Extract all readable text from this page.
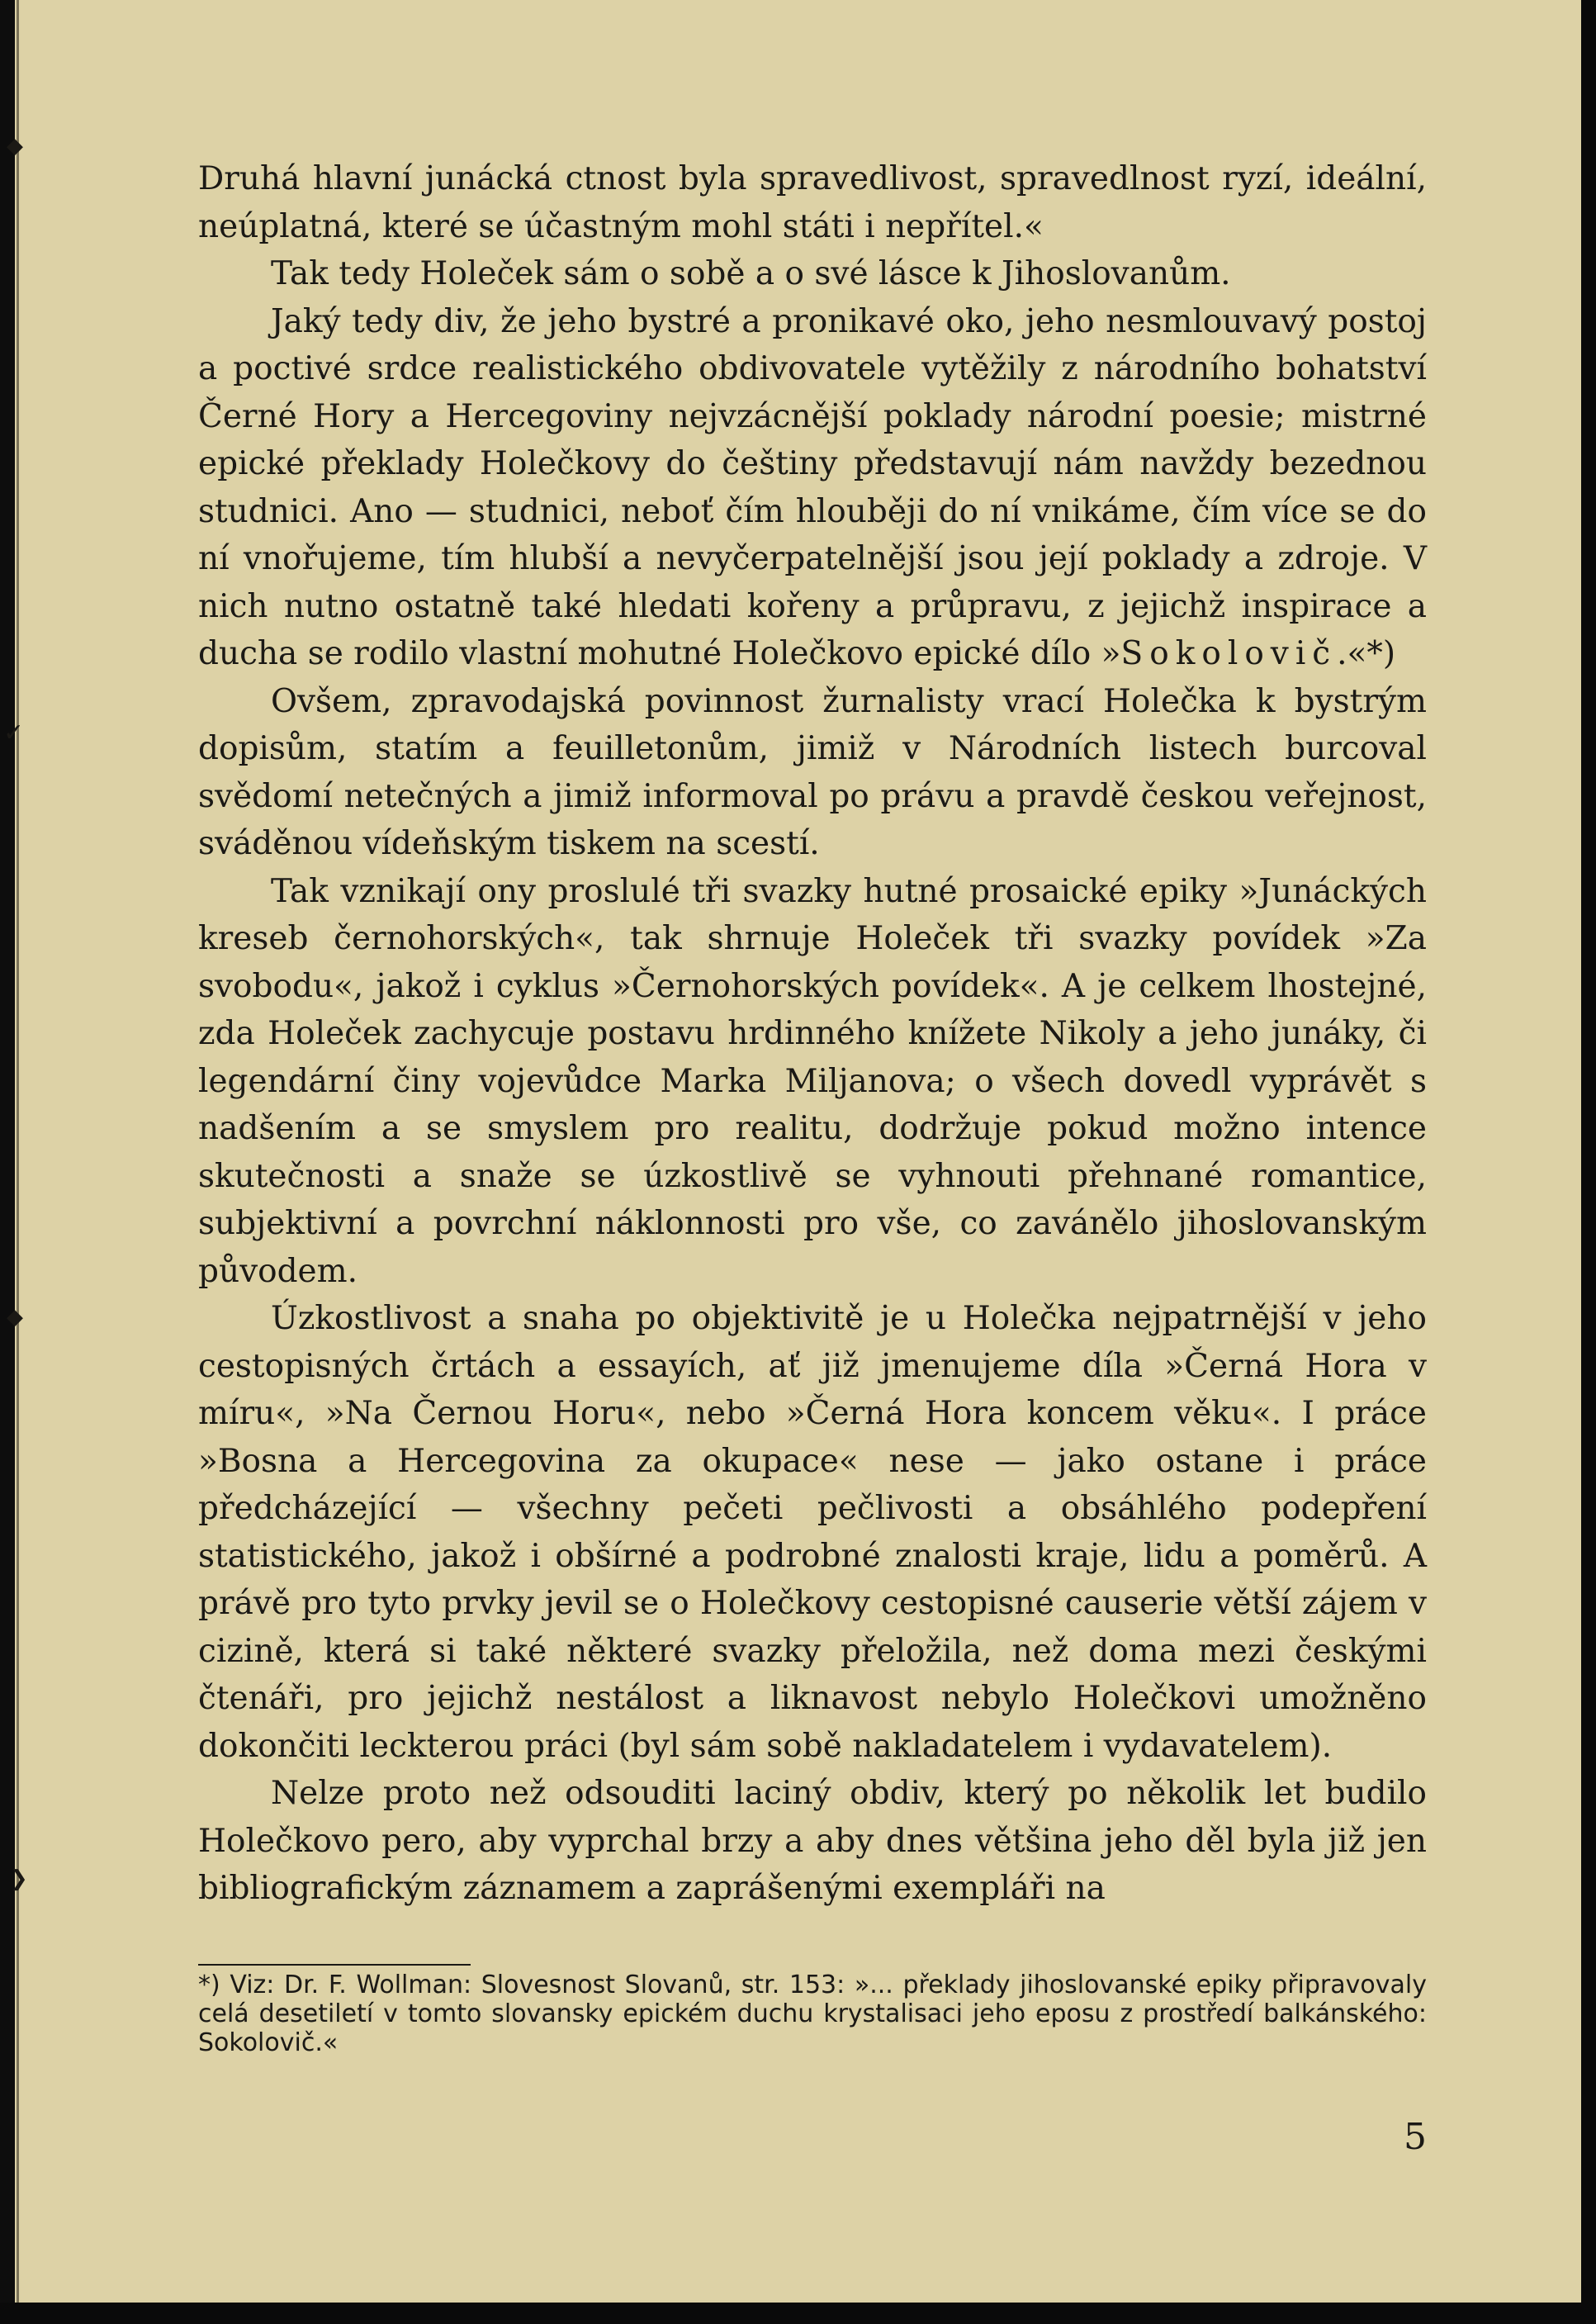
◆
✓
◆
❯

Druhá hlavní junácká ctnost byla spravedlivost, spravedlnost ryzí, ideální, neúplatná, které se účastným mohl státi i nepřítel.«

Tak tedy Holeček sám o sobě a o své lásce k Jihoslovanům.

Jaký tedy div, že jeho bystré a pronikavé oko, jeho nesmlouvavý postoj a poctivé srdce realistického obdivovatele vytěžily z národního bohatství Černé Hory a Hercegoviny nejvzácnější poklady národní poesie; mistrné epické překlady Holečkovy do češtiny představují nám navždy bezednou studnici. Ano — studnici, neboť čím hlouběji do ní vnikáme, čím více se do ní vnořujeme, tím hlubší a nevyčerpatelnější jsou její poklady a zdroje. V nich nutno ostatně také hledati kořeny a průpravu, z jejichž inspirace a ducha se rodilo vlastní mohutné Holečkovo epické dílo »Sokolovič.«*)

Ovšem, zpravodajská povinnost žurnalisty vrací Holečka k bystrým dopisům, statím a feuilletonům, jimiž v Národních listech burcoval svědomí netečných a jimiž informoval po právu a pravdě českou veřejnost, sváděnou vídeňským tiskem na scestí.

Tak vznikají ony proslulé tři svazky hutné prosaické epiky »Junáckých kreseb černohorských«, tak shrnuje Holeček tři svazky povídek »Za svobodu«, jakož i cyklus »Černohorských povídek«. A je celkem lhostejné, zda Holeček zachycuje postavu hrdinného knížete Nikoly a jeho junáky, či legendární činy vojevůdce Marka Miljanova; o všech dovedl vyprávět s nadšením a se smyslem pro realitu, dodržuje pokud možno intence skutečnosti a snaže se úzkostlivě se vyhnouti přehnané romantice, subjektivní a povrchní náklonnosti pro vše, co zavánělo jihoslovanským původem.

Úzkostlivost a snaha po objektivitě je u Holečka nejpatrnější v jeho cestopisných črtách a essayích, ať již jmenujeme díla »Černá Hora v míru«, »Na Černou Horu«, nebo »Černá Hora koncem věku«. I práce »Bosna a Hercegovina za okupace« nese — jako ostane i práce předcházející — všechny pečeti pečlivosti a obsáhlého podepření statistického, jakož i obšírné a podrobné znalosti kraje, lidu a poměrů. A právě pro tyto prvky jevil se o Holečkovy cestopisné causerie větší zájem v cizině, která si také některé svazky přeložila, než doma mezi českými čtenáři, pro jejichž nestálost a liknavost nebylo Holečkovi umožněno dokončiti leckterou práci (byl sám sobě nakladatelem i vydavatelem).

Nelze proto než odsouditi laciný obdiv, který po několik let budilo Holečkovo pero, aby vyprchal brzy a aby dnes většina jeho děl byla již jen bibliografickým záznamem a zaprášenými exempláři na

*) Viz: Dr. F. Wollman: Slovesnost Slovanů, str. 153: »... překlady jihoslovanské epiky připravovaly celá desetiletí v tomto slovansky epickém duchu krystalisaci jeho eposu z prostředí balkánského: Sokolovič.«
5
